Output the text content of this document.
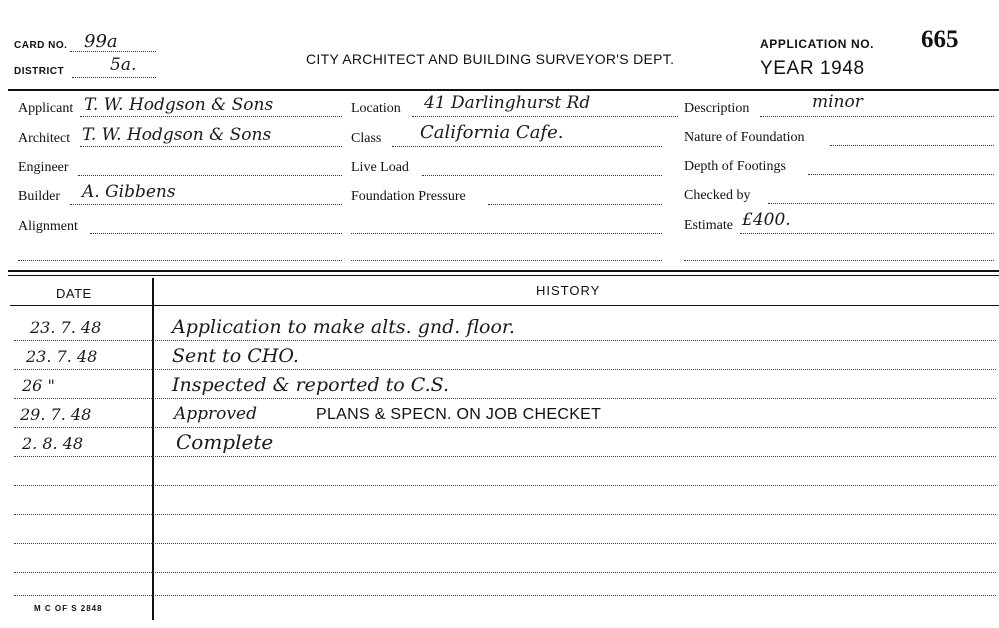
CARD NO. 99a
DISTRICT	5a.	CITY ARCHITECT AND BUILDING SURVEYOR'S DEPT.
APPLICATION NO. 665
YEAR 1948
Applicant T. W. Hodgson & Sons
Architect T. W. Hodgson & Sons
Engineer
Builder A. Gibbens
Alignment
Location 41 Darlinghurst Rd
Class California Cafe.
Live Load
Foundation Pressure
Description	minor
Nature of Foundation
Depth of Footings
Checked by
Estimate £400.
DATE	HISTORY
23. 7. 48	Application to make alts. gnd. floor.
23. 7. 48	Sent to CHO.
26 "	Inspected & reported to C.S.
29. 7. 48	Approved	PLANS & SPECN. ON JOB CHECKET
2. 8. 48	Complete
M C OF S 2848
